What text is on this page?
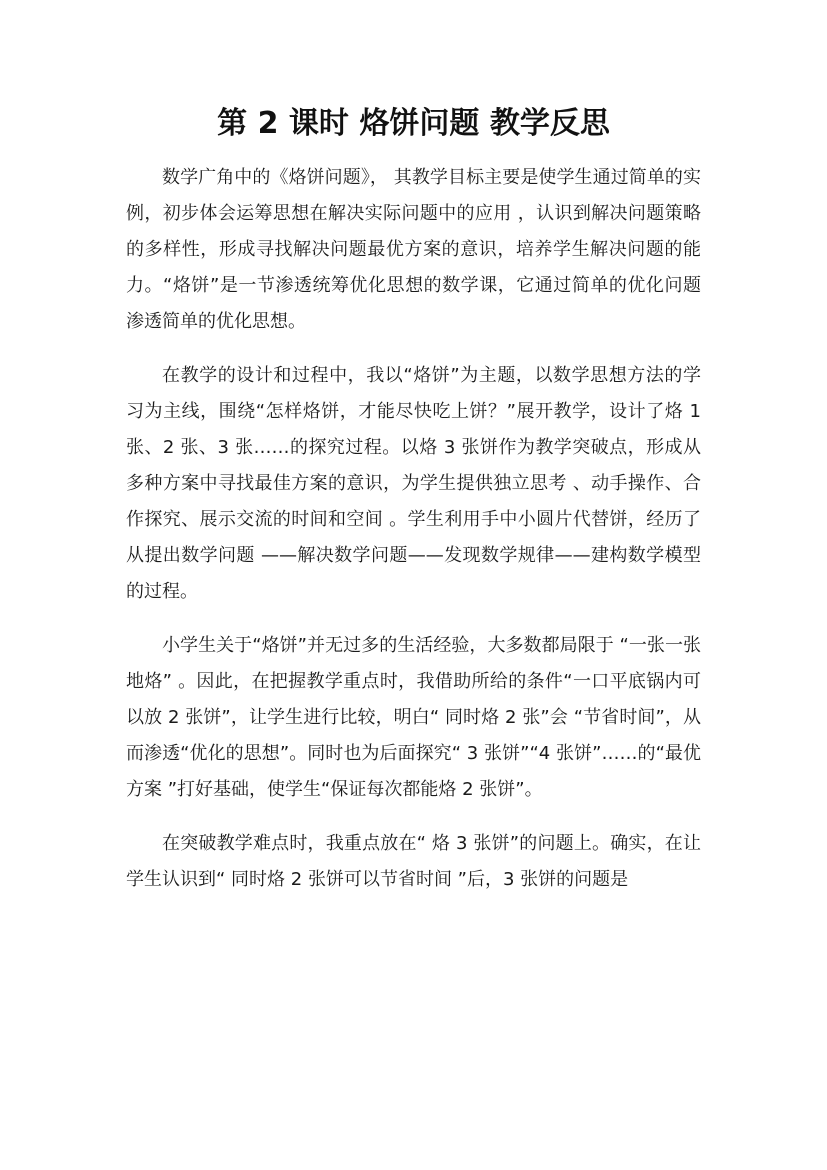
第 2 课时 烙饼问题 教学反思

数学广角中的《烙饼问题》， 其教学目标主要是使学生通过简单的实例，初步体会运筹思想在解决实际问题中的应用 ，认识到解决问题策略的多样性，形成寻找解决问题最优方案的意识，培养学生解决问题的能力。“烙饼”是一节渗透统筹优化思想的数学课，它通过简单的优化问题渗透简单的优化思想。

在教学的设计和过程中，我以“烙饼”为主题，以数学思想方法的学习为主线，围绕“怎样烙饼，才能尽快吃上饼？”展开教学，设计了烙 1 张、2 张、3 张……的探究过程。以烙 3 张饼作为教学突破点，形成从多种方案中寻找最佳方案的意识，为学生提供独立思考 、动手操作、合作探究、展示交流的时间和空间 。学生利用手中小圆片代替饼，经历了从提出数学问题 ——解决数学问题——发现数学规律——建构数学模型的过程。

小学生关于“烙饼”并无过多的生活经验，大多数都局限于 “一张一张地烙” 。因此，在把握教学重点时，我借助所给的条件“一口平底锅内可以放 2 张饼”，让学生进行比较，明白“ 同时烙 2 张”会 “节省时间”，从而渗透“优化的思想”。同时也为后面探究“ 3 张饼”“4 张饼”……的“最优方案 ”打好基础，使学生“保证每次都能烙 2 张饼”。

在突破教学难点时，我重点放在“ 烙 3 张饼”的问题上。确实，在让学生认识到“ 同时烙 2 张饼可以节省时间 ”后，3 张饼的问题是
